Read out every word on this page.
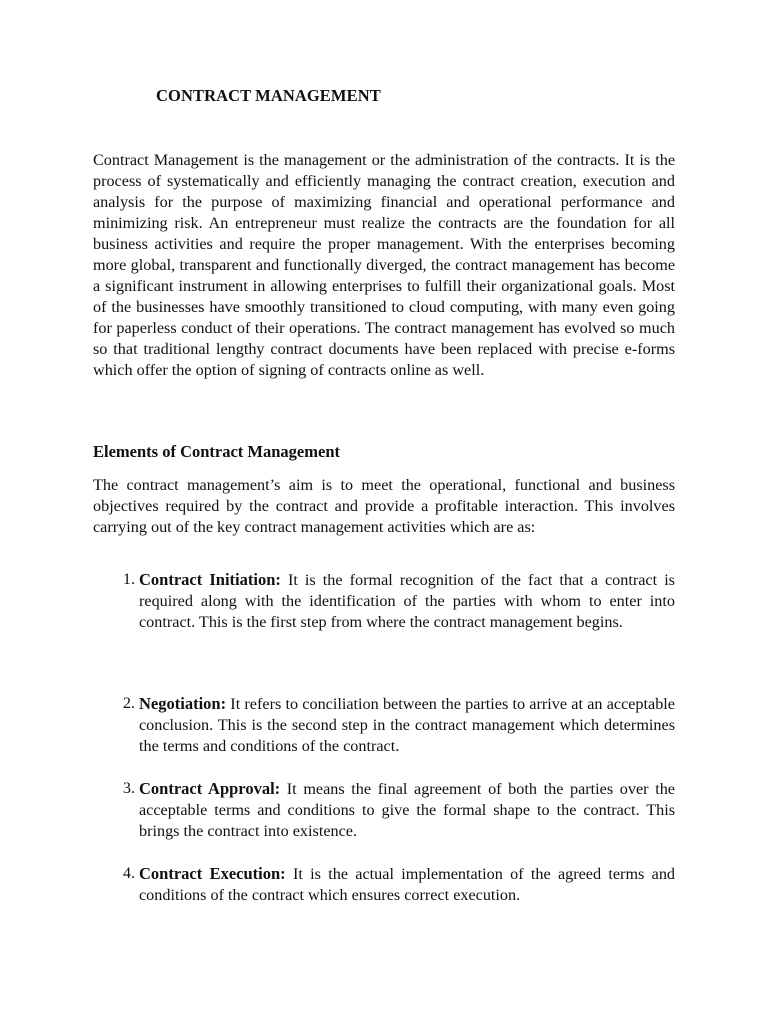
CONTRACT MANAGEMENT

Contract Management is the management or the administration of the contracts. It is the process of systematically and efficiently managing the contract creation, execution and analysis for the purpose of maximizing financial and operational performance and minimizing risk. An entrepreneur must realize the contracts are the foundation for all business activities and require the proper management. With the enterprises becoming more global, transparent and functionally diverged, the contract management has become a significant instrument in allowing enterprises to fulfill their organizational goals. Most of the businesses have smoothly transitioned to cloud computing, with many even going for paperless conduct of their operations. The contract management has evolved so much so that traditional lengthy contract documents have been replaced with precise e-forms which offer the option of signing of contracts online as well.

Elements of Contract Management

The contract management’s aim is to meet the operational, functional and business objectives required by the contract and provide a profitable interaction. This involves carrying out of the key contract management activities which are as:

1. Contract Initiation: It is the formal recognition of the fact that a contract is required along with the identification of the parties with whom to enter into contract. This is the first step from where the contract management begins.
2. Negotiation: It refers to conciliation between the parties to arrive at an acceptable conclusion. This is the second step in the contract management which determines the terms and conditions of the contract.
3. Contract Approval: It means the final agreement of both the parties over the acceptable terms and conditions to give the formal shape to the contract. This brings the contract into existence.
4. Contract Execution: It is the actual implementation of the agreed terms and conditions of the contract which ensures correct execution.
